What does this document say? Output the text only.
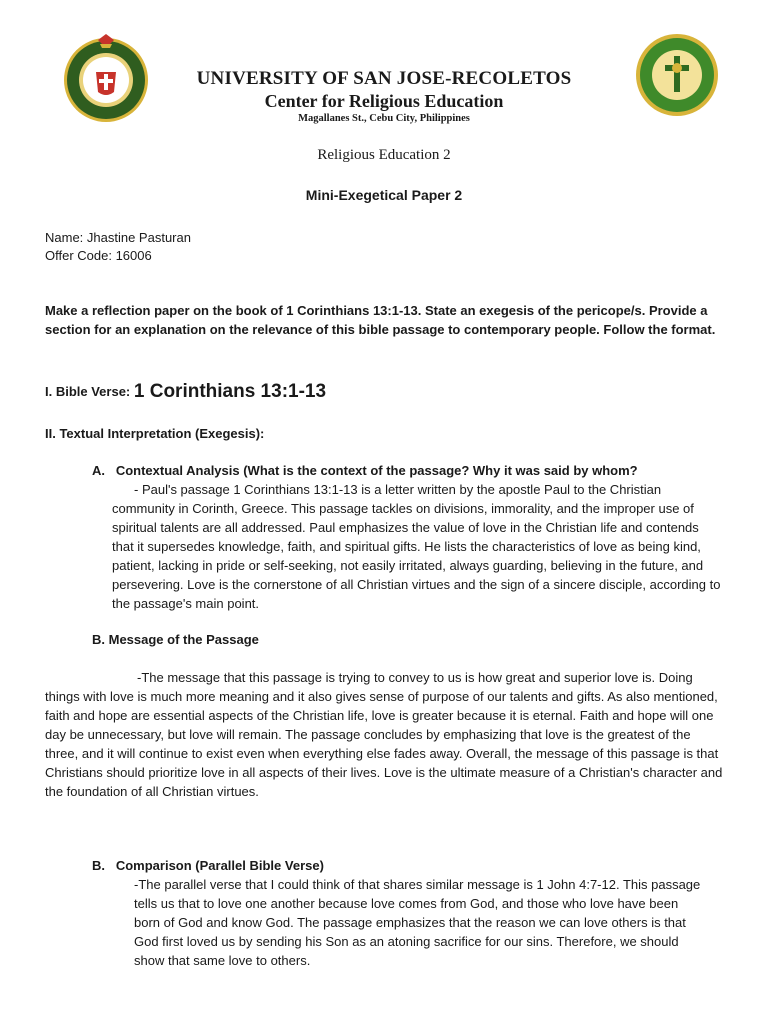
UNIVERSITY OF SAN JOSE-RECOLETOS
Center for Religious Education
Magallanes St., Cebu City, Philippines
Religious Education 2
Mini-Exegetical Paper 2
Name: Jhastine Pasturan
Offer Code: 16006
Make a reflection paper on the book of 1 Corinthians 13:1-13. State an exegesis of the pericope/s. Provide a section for an explanation on the relevance of this bible passage to contemporary people. Follow the format.
I. Bible Verse: 1 Corinthians 13:1-13
II. Textual Interpretation (Exegesis):
A.   Contextual Analysis (What is the context of the passage? Why it was said by whom?
- Paul's passage 1 Corinthians 13:1-13 is a letter written by the apostle Paul to the Christian community in Corinth, Greece. This passage tackles on divisions, immorality, and the improper use of spiritual talents are all addressed. Paul emphasizes the value of love in the Christian life and contends that it supersedes knowledge, faith, and spiritual gifts. He lists the characteristics of love as being kind, patient, lacking in pride or self-seeking, not easily irritated, always guarding, believing in the future, and persevering. Love is the cornerstone of all Christian virtues and the sign of a sincere disciple, according to the passage's main point.
B. Message of the Passage
-The message that this passage is trying to convey to us is how great and superior love is. Doing things with love is much more meaning and it also gives sense of purpose of our talents and gifts. As also mentioned, faith and hope are essential aspects of the Christian life, love is greater because it is eternal. Faith and hope will one day be unnecessary, but love will remain. The passage concludes by emphasizing that love is the greatest of the three, and it will continue to exist even when everything else fades away. Overall, the message of this passage is that Christians should prioritize love in all aspects of their lives. Love is the ultimate measure of a Christian's character and the foundation of all Christian virtues.
B.   Comparison (Parallel Bible Verse)
-The parallel verse that I could think of that shares similar message is 1 John 4:7-12. This passage tells us that to love one another because love comes from God, and those who love have been born of God and know God. The passage emphasizes that the reason we can love others is that God first loved us by sending his Son as an atoning sacrifice for our sins. Therefore, we should show that same love to others.
